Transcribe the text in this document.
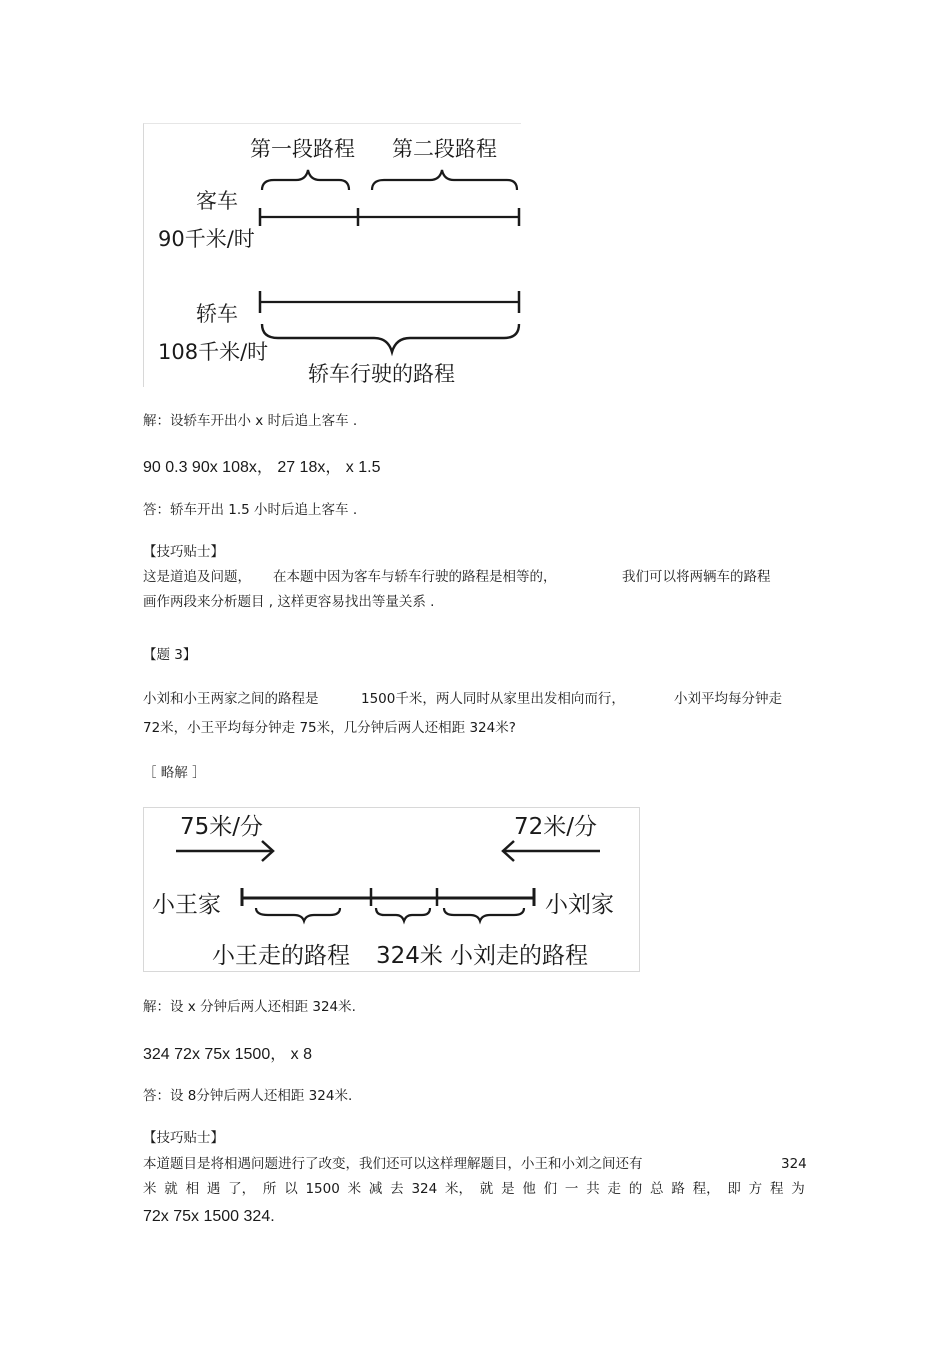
第一段路程 第二段路程
客车
90千米/时
轿车
108千米/时
轿车行驶的路程
解：设轿车开出小 x 时后追上客车 .
90 0.3 90x 108x， 27 18x， x 1.5
答：轿车开出 1.5 小时后追上客车 .
【技巧贴士】
这是道追及问题， 在本题中因为客车与轿车行驶的路程是相等的，	我们可以将两辆车的路程
画作两段来分析题目 , 这样更容易找出等量关系 .
【题 3】
小刘和小王两家之间的路程是	1500千米，两人同时从家里出发相向而行，	小刘平均每分钟走
72米，小王平均每分钟走 75米，几分钟后两人还相距 324米?
［ 略解 ］
75米/分	72米/分
小王家	小刘家
小王走的路程 324米 小刘走的路程
解：设 x 分钟后两人还相距 324米.
324 72x 75x 1500， x 8
答：设 8分钟后两人还相距 324米.
【技巧贴士】
本道题目是将相遇问题进行了改变，我们还可以这样理解题目，小王和小刘之间还有	324
米 就 相 遇 了， 所 以 1500 米 减 去 324 米， 就 是 他 们 一 共 走 的 总 路 程， 即 方 程 为
72x 75x 1500 324.
